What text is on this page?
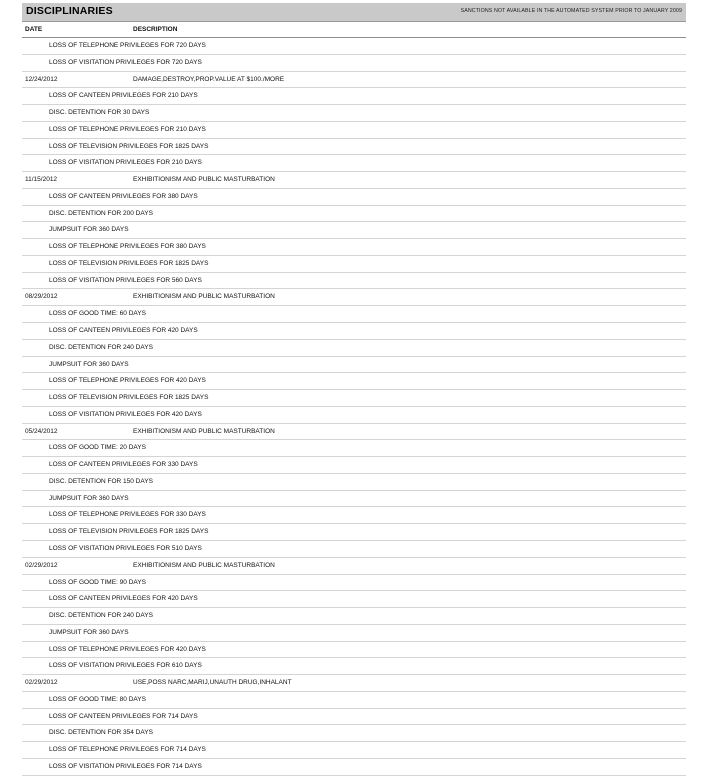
DISCIPLINARIES	SANCTIONS NOT AVAILABLE IN THE AUTOMATED SYSTEM PRIOR TO JANUARY 2009
DATE	DESCRIPTION
LOSS OF TELEPHONE PRIVILEGES FOR 720 DAYS
LOSS OF VISITATION PRIVILEGES FOR 720 DAYS
12/24/2012	DAMAGE,DESTROY,PROP.VALUE AT $100./MORE
LOSS OF CANTEEN PRIVILEGES FOR 210 DAYS
DISC. DETENTION FOR 30 DAYS
LOSS OF TELEPHONE PRIVILEGES FOR 210 DAYS
LOSS OF TELEVISION PRIVILEGES FOR 1825 DAYS
LOSS OF VISITATION PRIVILEGES FOR 210 DAYS
11/15/2012	EXHIBITIONISM AND PUBLIC MASTURBATION
LOSS OF CANTEEN PRIVILEGES FOR 380 DAYS
DISC. DETENTION FOR 200 DAYS
JUMPSUIT FOR 360 DAYS
LOSS OF TELEPHONE PRIVILEGES FOR 380 DAYS
LOSS OF TELEVISION PRIVILEGES FOR 1825 DAYS
LOSS OF VISITATION PRIVILEGES FOR 560 DAYS
08/29/2012	EXHIBITIONISM AND PUBLIC MASTURBATION
LOSS OF GOOD TIME: 60 DAYS
LOSS OF CANTEEN PRIVILEGES FOR 420 DAYS
DISC. DETENTION FOR 240 DAYS
JUMPSUIT FOR 360 DAYS
LOSS OF TELEPHONE PRIVILEGES FOR 420 DAYS
LOSS OF TELEVISION PRIVILEGES FOR 1825 DAYS
LOSS OF VISITATION PRIVILEGES FOR 420 DAYS
05/24/2012	EXHIBITIONISM AND PUBLIC MASTURBATION
LOSS OF GOOD TIME: 20 DAYS
LOSS OF CANTEEN PRIVILEGES FOR 330 DAYS
DISC. DETENTION FOR 150 DAYS
JUMPSUIT FOR 360 DAYS
LOSS OF TELEPHONE PRIVILEGES FOR 330 DAYS
LOSS OF TELEVISION PRIVILEGES FOR 1825 DAYS
LOSS OF VISITATION PRIVILEGES FOR 510 DAYS
02/29/2012	EXHIBITIONISM AND PUBLIC MASTURBATION
LOSS OF GOOD TIME: 90 DAYS
LOSS OF CANTEEN PRIVILEGES FOR 420 DAYS
DISC. DETENTION FOR 240 DAYS
JUMPSUIT FOR 360 DAYS
LOSS OF TELEPHONE PRIVILEGES FOR 420 DAYS
LOSS OF VISITATION PRIVILEGES FOR 610 DAYS
02/29/2012	USE,POSS NARC,MARIJ,UNAUTH DRUG,INHALANT
LOSS OF GOOD TIME: 80 DAYS
LOSS OF CANTEEN PRIVILEGES FOR 714 DAYS
DISC. DETENTION FOR 354 DAYS
LOSS OF TELEPHONE PRIVILEGES FOR 714 DAYS
LOSS OF VISITATION PRIVILEGES FOR 714 DAYS
